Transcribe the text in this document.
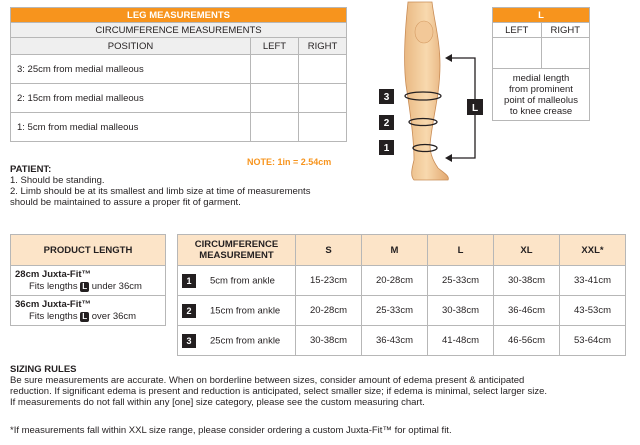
LEG MEASUREMENTS		
CIRCUMFERENCE MEASUREMENTS		
POSITION	LEFT	RIGHT
3: 25cm from medial malleous		
2: 15cm from medial malleous		
1: 5cm from medial malleous		
NOTE: 1in = 2.54cm
PATIENT:
1. Should be standing.
2. Limb should be at its smallest and limb size at time of measurements
should be maintained to assure a proper fit of garment.
3
2
1
L
L	
LEFT	RIGHT

medial length
from prominent
point of malleolus
to knee crease	
PRODUCT LENGTH

28cm Juxta-Fit™
Fits lengths L under 36cm

36cm Juxta-Fit™
Fits lengths L over 36cm
CIRCUMFERENCE MEASUREMENT	S	M	L	XL	XXL*
1 5cm from ankle	15-23cm	20-28cm	25-33cm	30-38cm	33-41cm
2 15cm from ankle	20-28cm	25-33cm	30-38cm	36-46cm	43-53cm
3 25cm from ankle	30-38cm	36-43cm	41-48cm	46-56cm	53-64cm
SIZING RULES
Be sure measurements are accurate. When on borderline between sizes, consider amount of edema present & anticipated
reduction. If significant edema is present and reduction is anticipated, select smaller size; if edema is minimal, select larger size.
If measurements do not fall within any [one] size category, please see the custom measuring chart.
*If measurements fall within XXL size range, please consider ordering a custom Juxta-Fit™ for optimal fit.
